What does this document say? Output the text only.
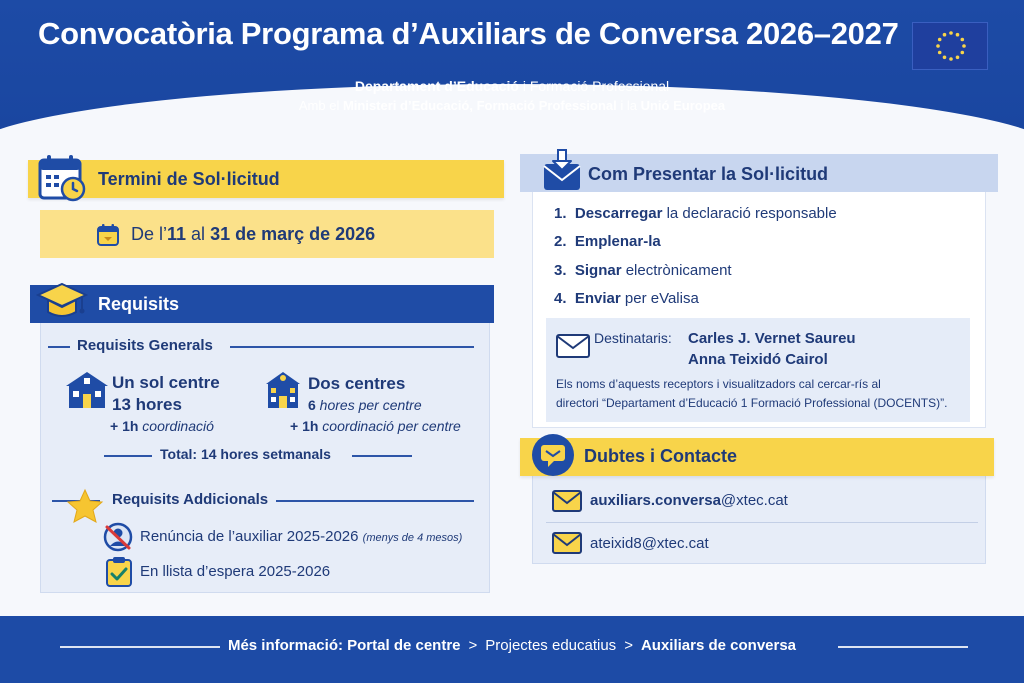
Convocatòria Programa d’Auxiliars de Conversa 2026–2027
Departament d’Educació i Formació Professional
Amb el Ministeri d’Educació, Formació Professional i la Unió Europea
Termini de Sol·licitud
De l’11 al 31 de març de 2026
Requisits
Requisits Generals
Un sol centre
13 hores
+ 1h coordinació
Dos centres
6 hores per centre
+ 1h coordinació per centre
Total: 14 hores setmanals
Requisits Addicionals
Renúncia de l’auxiliar 2025-2026 (menys de 4 mesos)
En llista d’espera 2025-2026
Com Presentar la Sol·licitud
1. Descarregar la declaració responsable
2. Emplenar-la
3. Signar electrònicament
4. Enviar per eValisa
Destinataris: Carles J. Vernet Saureu
Anna Teixidó Cairol
Els noms d’aquests receptors i visualitzadors cal cercar-rís al
directori “Departament d’Educació 1 Formació Professional (DOCENTS)”.
Dubtes i Contacte
auxiliars.conversa@xtec.cat
ateixid8@xtec.cat
Més informació: Portal de centre > Projectes educatius > Auxiliars de conversa
